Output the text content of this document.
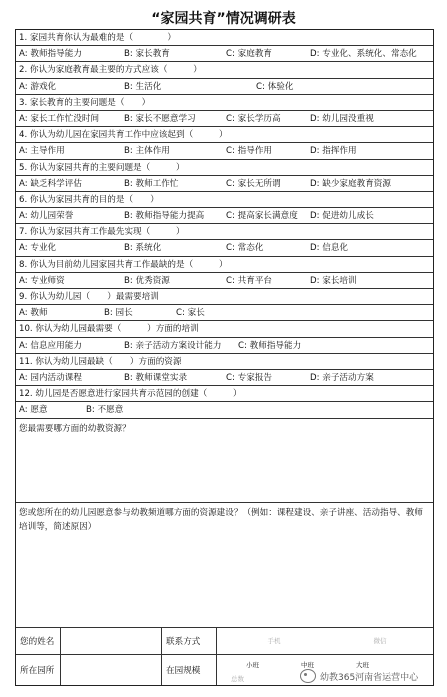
“家园共育”情况调研表
1. 家园共育你认为最难的是（　　　　）
A: 教师指导能力	B: 家长教育	C: 家庭教育	D: 专业化、系统化、常态化
2. 你认为家庭教育最主要的方式应该（　　　）
A: 游戏化	B: 生活化	C: 体验化
3. 家长教育的主要问题是（　　）
A: 家长工作忙没时间	B: 家长不愿意学习	C: 家长学历高	D: 幼儿园没重视
4. 你认为幼儿园在家园共育工作中应该起到（　　　）
A: 主导作用	B: 主体作用	C: 指导作用	D: 指挥作用
5. 你认为家园共育的主要问题是（　　　）
A: 缺乏科学评估	B: 教师工作忙	C: 家长无所谓	D: 缺少家庭教育资源
6. 你认为家园共育的目的是（　　）
A: 幼儿园荣誉	B: 教师指导能力提高	C: 提高家长满意度 D: 促进幼儿成长
7. 你认为家园共育工作最先实现（　　　）
A: 专业化	B: 系统化	C: 常态化	D: 信息化
8. 你认为目前幼儿园家园共育工作最缺的是（　　　）
A: 专业师资	B: 优秀资源	C: 共育平台	D: 家长培训
9. 你认为幼儿园（　　）最需要培训
A: 教师	B: 园长	C: 家长
10. 你认为幼儿园最需要（　　　）方面的培训
A: 信息应用能力	B: 亲子活动方案设计能力 C: 教师指导能力
11. 你认为幼儿园最缺（　　）方面的资源
A: 园内活动课程	B: 教师课堂实录	C: 专家报告	D: 亲子活动方案
12. 幼儿园是否愿意进行家园共育示范园的创建（　　　）
A: 愿意	B: 不愿意
您最需要哪方面的幼教资源？
您或您所在的幼儿园愿意参与幼教频道哪方面的资源建设？（例如：课程建设、亲子讲座、活动指导、教师培训等，简述原因）
您的姓名	联系方式	手机	微信
所在园所	在园规模
小班	中班	大班
总数	幼教365河南省运营中心
